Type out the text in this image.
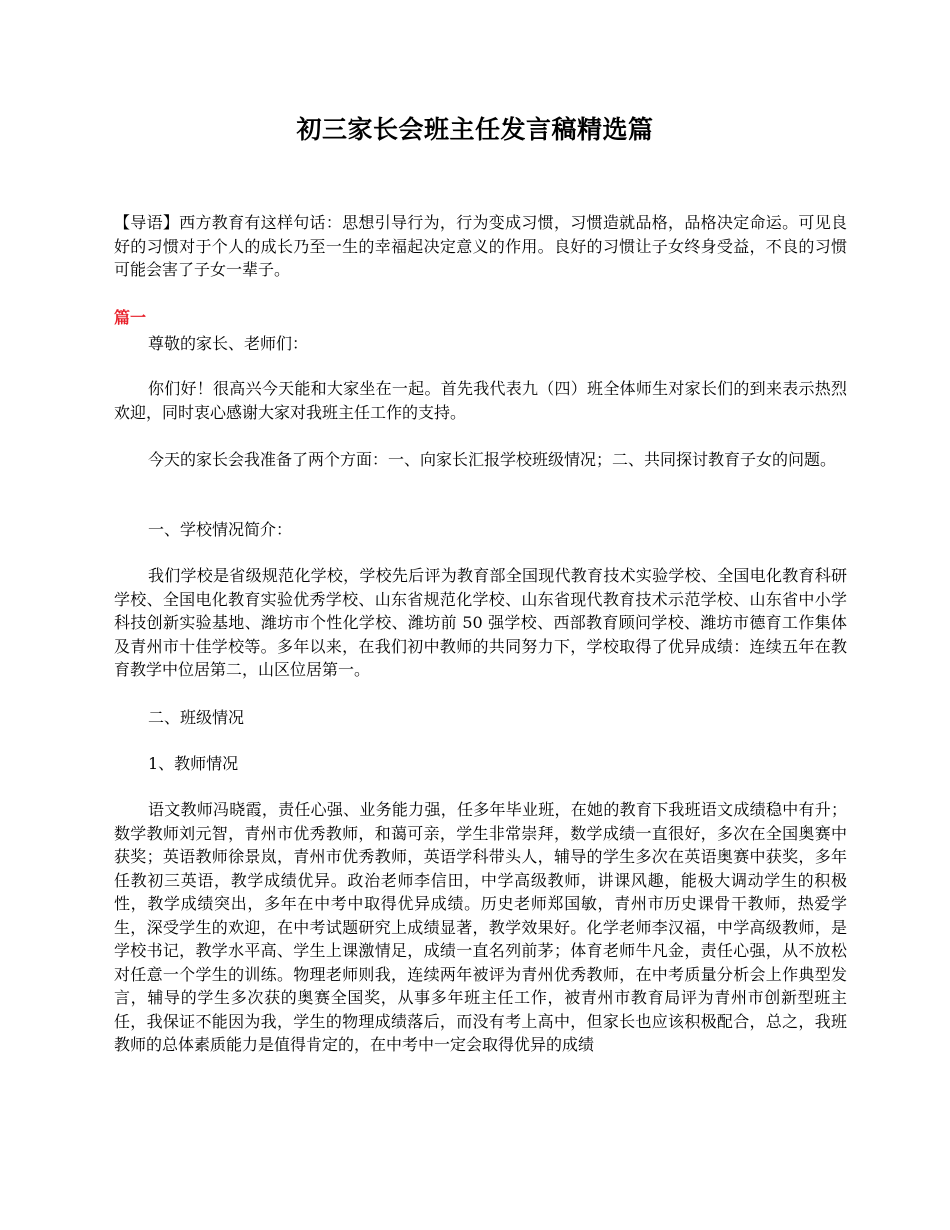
初三家长会班主任发言稿精选篇

【导语】西方教育有这样句话：思想引导行为，行为变成习惯，习惯造就品格，品格决定命运。可见良好的习惯对于个人的成长乃至一生的幸福起决定意义的作用。良好的习惯让子女终身受益，不良的习惯可能会害了子女一辈子。

篇一

尊敬的家长、老师们：

你们好！很高兴今天能和大家坐在一起。首先我代表九（四）班全体师生对家长们的到来表示热烈欢迎，同时衷心感谢大家对我班主任工作的支持。

今天的家长会我准备了两个方面：一、向家长汇报学校班级情况；二、共同探讨教育子女的问题。

一、学校情况简介：

我们学校是省级规范化学校，学校先后评为教育部全国现代教育技术实验学校、全国电化教育科研学校、全国电化教育实验优秀学校、山东省规范化学校、山东省现代教育技术示范学校、山东省中小学科技创新实验基地、潍坊市个性化学校、潍坊前 50 强学校、西部教育顾问学校、潍坊市德育工作集体及青州市十佳学校等。多年以来，在我们初中教师的共同努力下，学校取得了优异成绩：连续五年在教育教学中位居第二，山区位居第一。

二、班级情况

1、教师情况

语文教师冯晓霞，责任心强、业务能力强，任多年毕业班，在她的教育下我班语文成绩稳中有升；数学教师刘元智，青州市优秀教师，和蔼可亲，学生非常崇拜，数学成绩一直很好，多次在全国奥赛中获奖；英语教师徐景岚，青州市优秀教师，英语学科带头人，辅导的学生多次在英语奥赛中获奖，多年任教初三英语，教学成绩优异。政治老师李信田，中学高级教师，讲课风趣，能极大调动学生的积极性，教学成绩突出，多年在中考中取得优异成绩。历史老师郑国敏，青州市历史课骨干教师，热爱学生，深受学生的欢迎，在中考试题研究上成绩显著，教学效果好。化学老师李汉福，中学高级教师，是学校书记，教学水平高、学生上课激情足，成绩一直名列前茅；体育老师牛凡金，责任心强，从不放松对任意一个学生的训练。物理老师则我，连续两年被评为青州优秀教师，在中考质量分析会上作典型发言，辅导的学生多次获的奥赛全国奖，从事多年班主任工作，被青州市教育局评为青州市创新型班主任，我保证不能因为我，学生的物理成绩落后，而没有考上高中，但家长也应该积极配合，总之，我班教师的总体素质能力是值得肯定的，在中考中一定会取得优异的成绩
